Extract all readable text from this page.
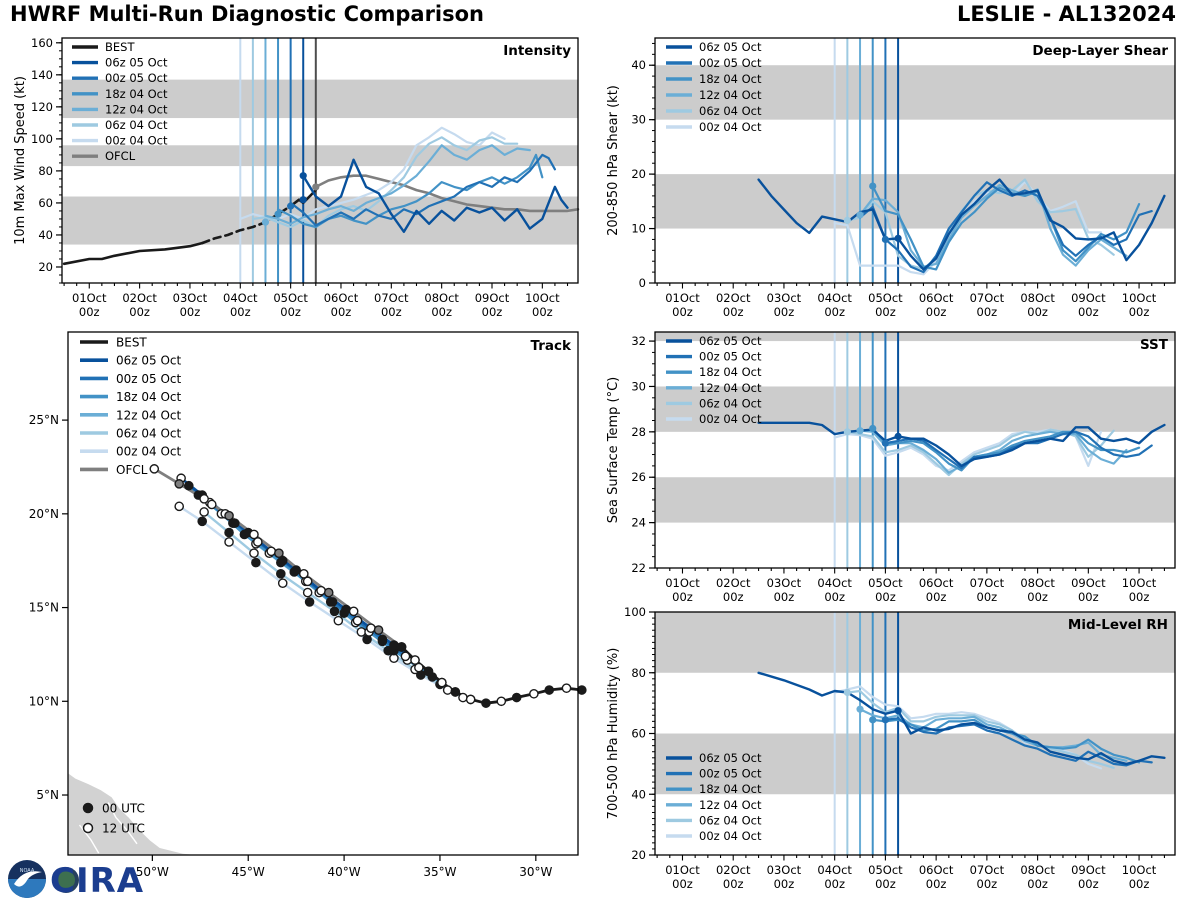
HWRF Multi-Run Diagnostic Comparison	LESLIE - AL132024
01Oct
00z
02Oct
00z
03Oct
00z
04Oct
00z
05Oct
00z
06Oct
00z
07Oct
00z
08Oct
00z
09Oct
00z
10Oct
00z
20
40
60
80
100
120
140
160
10m Max Wind Speed (kt)
Intensity
BEST
06z 05 Oct
00z 05 Oct
18z 04 Oct
12z 04 Oct
06z 04 Oct
00z 04 Oct
OFCL
01Oct
00z
02Oct
00z
03Oct
00z
04Oct
00z
05Oct
00z
06Oct
00z
07Oct
00z
08Oct
00z
09Oct
00z
10Oct
00z
0
10
20
30
40
200-850 hPa Shear (kt)
Deep-Layer Shear
06z 05 Oct
00z 05 Oct
18z 04 Oct
12z 04 Oct
06z 04 Oct
00z 04 Oct
01Oct
00z
02Oct
00z
03Oct
00z
04Oct
00z
05Oct
00z
06Oct
00z
07Oct
00z
08Oct
00z
09Oct
00z
10Oct
00z
22
24
26
28
30
32
Sea Surface Temp (°C)
SST
06z 05 Oct
00z 05 Oct
18z 04 Oct
12z 04 Oct
06z 04 Oct
00z 04 Oct
01Oct
00z
02Oct
00z
03Oct
00z
04Oct
00z
05Oct
00z
06Oct
00z
07Oct
00z
08Oct
00z
09Oct
00z
10Oct
00z
20
40
60
80
100
700-500 hPa Humidity (%)
Mid-Level RH
06z 05 Oct
00z 05 Oct
18z 04 Oct
12z 04 Oct
06z 04 Oct
00z 04 Oct
50°W	45°W	40°W	35°W	30°W
5°N
10°N
15°N
20°N
25°N
Track
BEST
06z 05 Oct
00z 05 Oct
18z 04 Oct
12z 04 Oct
06z 04 Oct
00z 04 Oct
OFCL
00 UTC
12 UTC
NOAA CIRA
